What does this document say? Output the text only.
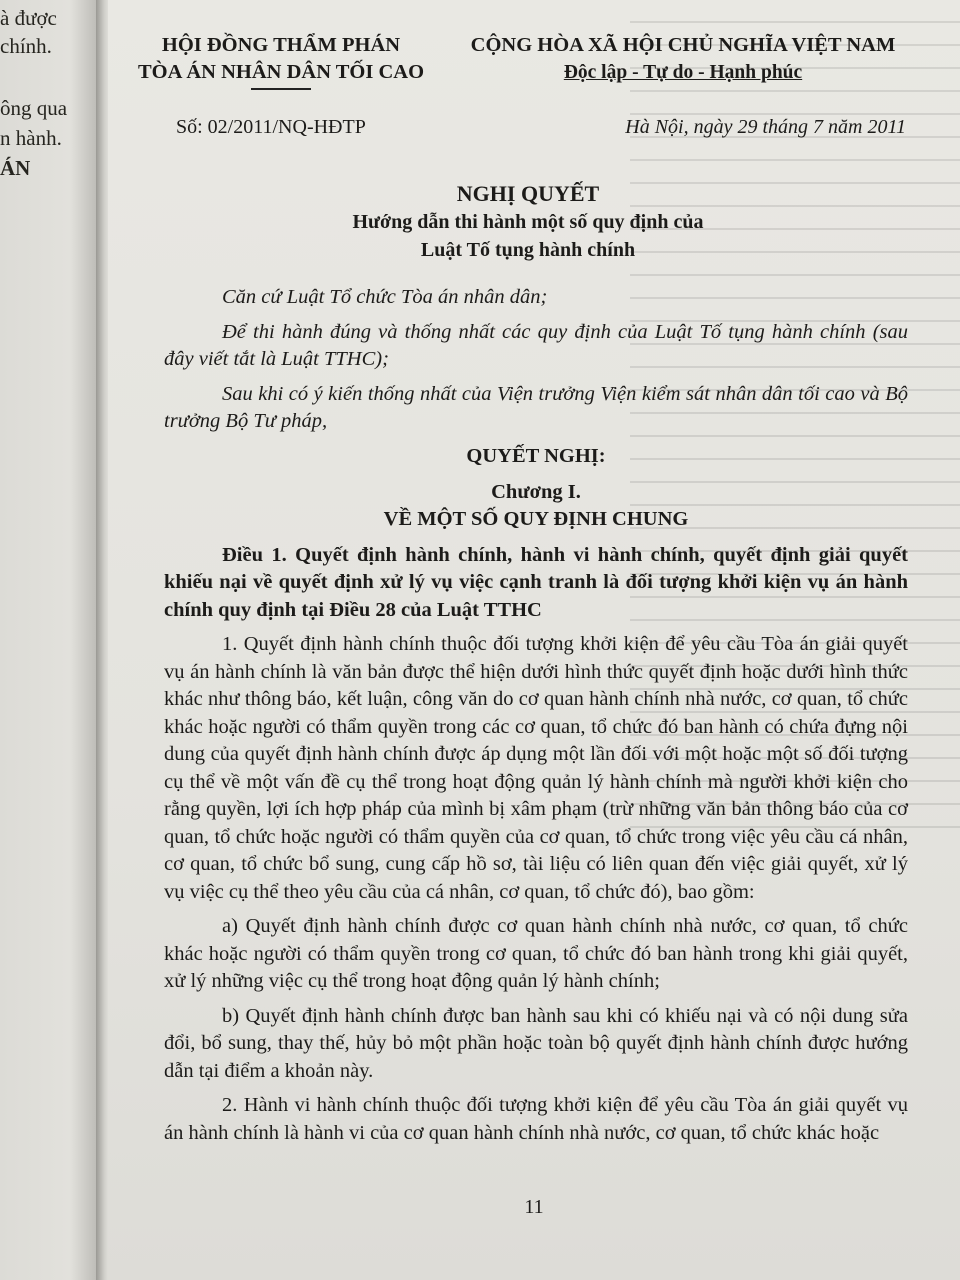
à được
chính.
ông qua
n hành.
ÁN
HỘI ĐỒNG THẨM PHÁN
TÒA ÁN NHÂN DÂN TỐI CAO
CỘNG HÒA XÃ HỘI CHỦ NGHĨA VIỆT NAM
Độc lập - Tự do - Hạnh phúc
Số: 02/2011/NQ-HĐTP	Hà Nội, ngày 29 tháng 7 năm 2011
NGHỊ QUYẾT
Hướng dẫn thi hành một số quy định của
Luật Tố tụng hành chính

Căn cứ Luật Tổ chức Tòa án nhân dân;

Để thi hành đúng và thống nhất các quy định của Luật Tố tụng hành chính (sau đây viết tắt là Luật TTHC);

Sau khi có ý kiến thống nhất của Viện trưởng Viện kiểm sát nhân dân tối cao và Bộ trưởng Bộ Tư pháp,

QUYẾT NGHỊ:
Chương I.
VỀ MỘT SỐ QUY ĐỊNH CHUNG

Điều 1. Quyết định hành chính, hành vi hành chính, quyết định giải quyết khiếu nại về quyết định xử lý vụ việc cạnh tranh là đối tượng khởi kiện vụ án hành chính quy định tại Điều 28 của Luật TTHC

1. Quyết định hành chính thuộc đối tượng khởi kiện để yêu cầu Tòa án giải quyết vụ án hành chính là văn bản được thể hiện dưới hình thức quyết định hoặc dưới hình thức khác như thông báo, kết luận, công văn do cơ quan hành chính nhà nước, cơ quan, tổ chức khác hoặc người có thẩm quyền trong các cơ quan, tổ chức đó ban hành có chứa đựng nội dung của quyết định hành chính được áp dụng một lần đối với một hoặc một số đối tượng cụ thể về một vấn đề cụ thể trong hoạt động quản lý hành chính mà người khởi kiện cho rằng quyền, lợi ích hợp pháp của mình bị xâm phạm (trừ những văn bản thông báo của cơ quan, tổ chức hoặc người có thẩm quyền của cơ quan, tổ chức trong việc yêu cầu cá nhân, cơ quan, tổ chức bổ sung, cung cấp hồ sơ, tài liệu có liên quan đến việc giải quyết, xử lý vụ việc cụ thể theo yêu cầu của cá nhân, cơ quan, tổ chức đó), bao gồm:

a) Quyết định hành chính được cơ quan hành chính nhà nước, cơ quan, tổ chức khác hoặc người có thẩm quyền trong cơ quan, tổ chức đó ban hành trong khi giải quyết, xử lý những việc cụ thể trong hoạt động quản lý hành chính;

b) Quyết định hành chính được ban hành sau khi có khiếu nại và có nội dung sửa đổi, bổ sung, thay thế, hủy bỏ một phần hoặc toàn bộ quyết định hành chính được hướng dẫn tại điểm a khoản này.

2. Hành vi hành chính thuộc đối tượng khởi kiện để yêu cầu Tòa án giải quyết vụ án hành chính là hành vi của cơ quan hành chính nhà nước, cơ quan, tổ chức khác hoặc

11
